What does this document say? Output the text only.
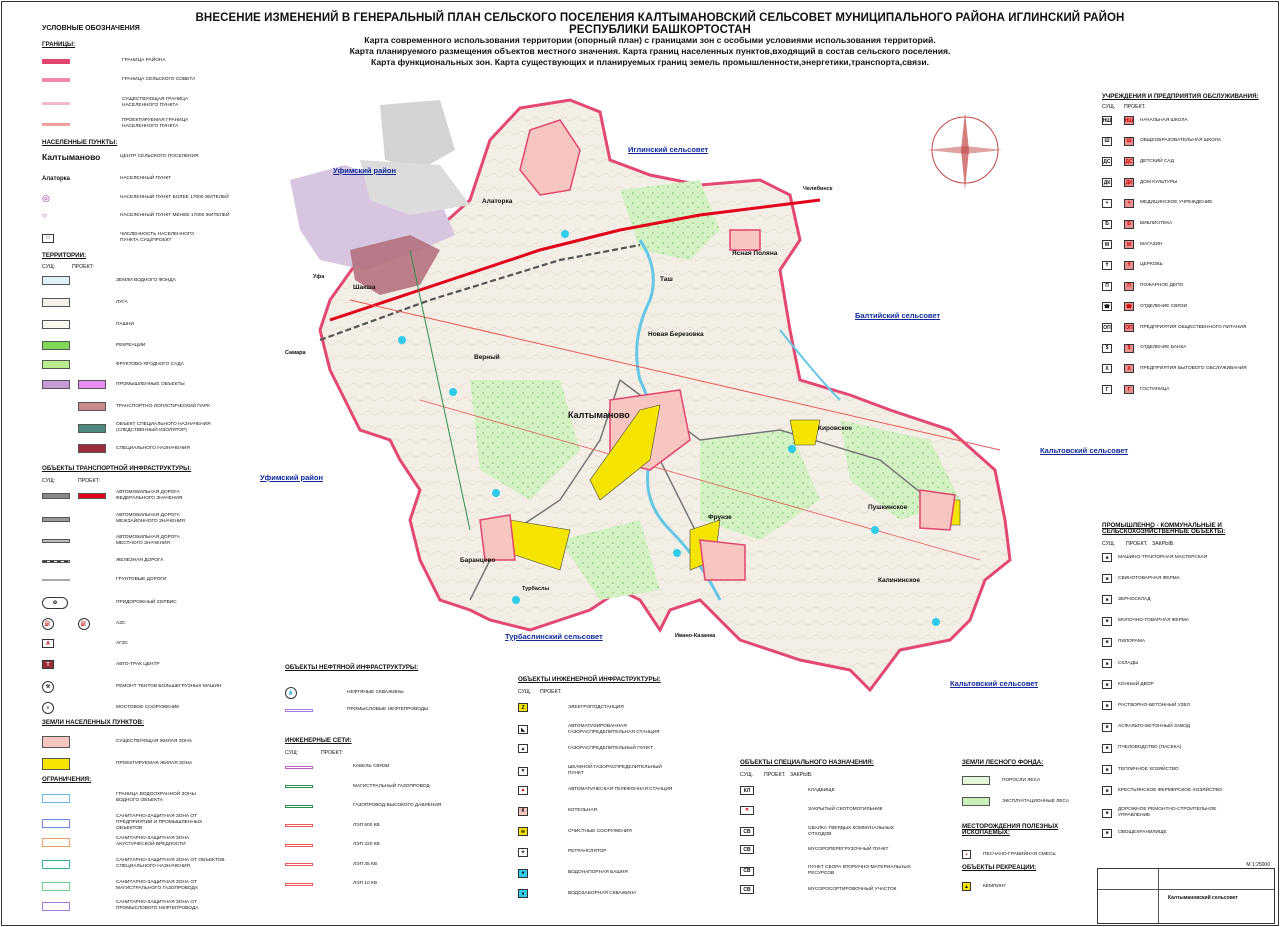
ВНЕСЕНИЕ ИЗМЕНЕНИЙ В ГЕНЕРАЛЬНЫЙ ПЛАН СЕЛЬСКОГО ПОСЕЛЕНИЯ КАЛТЫМАНОВСКИЙ СЕЛЬСОВЕТ МУНИЦИПАЛЬНОГО РАЙОНА ИГЛИНСКИЙ РАЙОН РЕСПУБЛИКИ БАШКОРТОСТАН
Карта современного использования территории (опорный план) с границами зон с особыми условиями использования территорий.
Карта планируемого размещения объектов местного значения. Карта границ населенных пунктов,входящий в состав сельского поселения.
Карта функциональных зон. Карта существующих и планируемых границ земель промышленности,энергетики,транспорта,связи.
Иглинский сельсовет
Уфимский район
Балтийский сельсовет
Кальтовский сельсовет
Уфимский район
Турбаслинский сельсовет
Кальтовский сельсовет
Калтыманово
Алаторка
Ясная Поляна
Шакша
Новая Березовка
Верный
Кировское
Фрунзе
Пушкинское
Баранцево
Калининское
Таш
Челябинск
Уфа
Самара
Турбаслы
Ивано-Казанка
УСЛОВНЫЕ ОБОЗНАЧЕНИЯ
ГРАНИЦЫ:
ГРАНИЦА РАЙОНА
ГРАНИЦА СЕЛЬСКОГО СОВЕТА
СУЩЕСТВУЮЩАЯ ГРАНИЦА НАСЕЛЕННОГО ПУНКТА
ПРОЕКТИРУЕМАЯ ГРАНИЦА НАСЕЛЕННОГО ПУНКТА
НАСЕЛЕННЫЕ ПУНКТЫ:
Калтыманово	ЦЕНТР СЕЛЬСКОГО ПОСЕЛЕНИЯ
Алаторка	НАСЕЛЕННЫЙ ПУНКТ
◎	НАСЕЛЕННЫЙ ПУНКТ БОЛЕЕ 17000 ЖИТЕЛЕЙ
○	НАСЕЛЕННЫЙ ПУНКТ МЕНЕЕ 17000 ЖИТЕЛЕЙ
□
ЧИСЛЕННОСТЬ НАСЕЛЕННОГО ПУНКТА СУЩ/ПРОЕКТ
ТЕРРИТОРИИ:
СУЩ:	ПРОЕКТ:
ЗЕМЛИ ВОДНОГО ФОНДА
ЛУГА
ПАШНИ
РЕКРЕАЦИИ
ФРУКТОВО-ЯГОДНОГО САДА
ПРОМЫШЛЕННЫЕ ОБЪЕКТЫ
ТРАНСПОРТНО-ЛОГИСТИЧЕСКИЙ ПАРК
ОБЪЕКТ СПЕЦИАЛЬНОГО НАЗНАЧЕНИЯ (СЛЕДСТВЕННЫЙ ИЗОЛЯТОР)
СПЕЦИАЛЬНОГО НАЗНАЧЕНИЯ
ОБЪЕКТЫ ТРАНСПОРТНОЙ ИНФРАСТРУКТУРЫ:
СУЩ:	ПРОЕКТ:
АВТОМОБИЛЬНАЯ ДОРОГА ФЕДЕРАЛЬНОГО ЗНАЧЕНИЯ
АВТОМОБИЛЬНАЯ ДОРОГА МЕЖЗАЙОННОГО ЗНАЧЕНИЯ
АВТОМОБИЛЬНАЯ ДОРОГА МЕСТНОГО ЗНАЧЕНИЯ
ЖЕЛЕЗНАЯ ДОРОГА
ГРУНТОВЫЕ ДОРОГИ
⚙	ПРИДОРОЖНЫЙ СЕРВИС
⛽	⛽	АЗС
А	АГЗС
Т	АВТО-ТРАК ЦЕНТР
⚒	РЕМОНТ ТЕНТОВ БОЛЬШЕГРУЗНЫХ МАШИН
≡	МОСТОВОЕ СООРУЖЕНИЕ
ЗЕМЛИ НАСЕЛЕННЫХ ПУНКТОВ:
СУЩЕСТВУЮЩАЯ ЖИЛАЯ ЗОНА
ПРОЕКТИРУЕМАЯ ЖИЛАЯ ЗОНА
ОГРАНИЧЕНИЯ:
ГРАНИЦА ВОДООХРАННОЙ ЗОНЫ ВОДНОГО ОБЪЕКТА
САНИТАРНО-ЗАЩИТНАЯ ЗОНА ОТ ПРЕДПРИЯТИЙ И ПРОМЫШЛЕННЫХ ОБЪЕКТОВ
САНИТАРНО-ЗАЩИТНАЯ ЗОНА АКУСТИЧЕСКОЙ ВРЕДНОСТИ
САНИТАРНО-ЗАЩИТНАЯ ЗОНА ОТ ОБЪЕКТОВ СПЕЦИАЛЬНОГО НАЗНАЧЕНИЯ
САНИТАРНО-ЗАЩИТНАЯ ЗОНА ОТ МАГИСТРАЛЬНОГО ГАЗОПРОВОДА
САНИТАРНО-ЗАЩИТНАЯ ЗОНА ОТ ПРОМЫСЛОВОГО НЕФТЕПРОВОДА
УЧРЕЖДЕНИЯ И ПРЕДПРИЯТИЯ ОБСЛУЖИВАНИЯ:
СУЩ. ПРОЕКТ.
НШ	НШ НАЧАЛЬНАЯ ШКОЛА
Ш	Ш	ОБЩЕОБРАЗОВАТЕЛЬНАЯ ШКОЛА
ДС	ДС ДЕТСКИЙ САД
ДК	ДК	ДОМ КУЛЬТУРЫ
+	+	МЕДИЦИНСКОЕ УЧРЕЖДЕНИЕ
Б	Б	БИБЛИОТЕКА
М	М	МАГАЗИН
☦	☦	ЦЕРКОВЬ
П	П	ПОЖАРНОЕ ДЕПО
☎	☎	ОТДЕЛЕНИЕ СВЯЗИ
ОП	ОП ПРЕДПРИЯТИЯ ОБЩЕСТВЕННОГО ПИТАНИЯ
$	$	ОТДЕЛЕНИЕ БАНКА
Х	Х	ПРЕДПРИЯТИЯ БЫТОВОГО ОБСЛУЖИВАНИЯ
Г	Г	ГОСТИНИЦА
ПРОМЫШЛЕННО - КОММУНАЛЬНЫЕ И СЕЛЬСКОХОЗЯЙСТВЕННЫЕ ОБЪЕКТЫ:
СУЩ. ПРОЕКТ. ЗАКРЫВ.
■	МАШИНО-ТРАКТОРНАЯ МАСТЕРСКАЯ
■	СВИНОТОВАРНАЯ ФЕРМА
■	ЗЕРНОСКЛАД
■	МОЛОЧНО-ТОВАРНАЯ ФЕРМА
■	ПИЛОРАМА
■	СКЛАДЫ
■	КОННЫЙ ДВОР
■	РАСТВОРНО-БЕТОННЫЙ УЗЕЛ
■	АСФАЛЬТО-БЕТОННЫЙ ЗАВОД
■	ПЧЕЛОВОДСТВО (ПАСЕКА)
■	ТЕПЛИЧНОЕ ХОЗЯЙСТВО
■	КРЕСТЬЯНСКОЕ ФЕРМЕРСКОЕ ХОЗЯЙСТВО
■
ДОРОЖНОЕ РЕМОНТНО-СТРОИТЕЛЬНОЕ УПРАВЛЕНИЕ
■	ОВОЩЕХРАНИЛИЩЕ
ОБЪЕКТЫ НЕФТЯНОЙ ИНФРАСТРУКТУРЫ:
💧	НЕФТЯНЫЕ СКВАЖИНЫ
ПРОМЫСЛОВЫЕ НЕФТЕПРОВОДЫ
ИНЖЕНЕРНЫЕ СЕТИ:
СУЩ:	ПРОЕКТ:
КАБЕЛЬ СВЯЗИ
МАГИСТРАЛЬНЫЙ ГАЗОПРОВОД
ГАЗОПРОВОД ВЫСОКОГО ДАВЛЕНИЯ
ЛЭП 500 КВ
ЛЭП 220 КВ
ЛЭП 35 КВ
ЛЭП 10 КВ
ОБЪЕКТЫ ИНЖЕНЕРНОЙ ИНФРАСТРУКТУРЫ:
СУЩ. ПРОЕКТ.
Z	ЭЛЕКТРОПОДСТАНЦИЯ
◣
АВТОМАТИЗИРОВАННАЯ ГАЗОРАСПРЕДЕЛИТЕЛЬНАЯ СТАНЦИЯ
▲	ГАЗОРАСПРЕДЕЛИТЕЛЬНЫЙ ПУНКТ
▼
ШКАФНОЙ ГАЗОРАСПРЕДЕЛИТЕЛЬНЫЙ ПУНКТ
▲	АВТОМАТИЧЕСКАЯ ТЕЛЕФОННАЯ СТАНЦИЯ
К	КОТЕЛЬНАЯ
⊖	ОЧИСТНЫЕ СООРУЖЕНИЯ
⏚	РЕТРАНСЛЯТОР
●	ВОДОНАПОРНАЯ БАШНЯ
●	ВОДОЗАБОРНАЯ СКВАЖИНА
ОБЪЕКТЫ СПЕЦИАЛЬНОГО НАЗНАЧЕНИЯ:
СУЩ. ПРОЕКТ. ЗАКРЫВ.
КЛ	КЛАДБИЩЕ
✕	ЗАКРЫТЫЙ СКОТОМОГИЛЬНИК
СВ
СВАЛКА ТВЕРДЫХ КОММУНАЛЬНЫХ ОТХОДОВ
СВ	МУСОРОПЕРЕГРУЗОЧНЫЙ ПУНКТ
СВ
ПУНКТ СБОРА ВТОРИЧНО-МАТЕРИАЛЬНЫХ РЕСУРСОВ
СВ	МУСОРОСОРТИРОВОЧНЫЙ УЧАСТОК
ЗЕМЛИ ЛЕСНОГО ФОНДА:
ПОРОСЛИ ЛЕСА
ЭКСПЛУАТАЦИОННЫЕ ЛЕСА
МЕСТОРОЖДЕНИЯ ПОЛЕЗНЫХ ИСКОПАЕМЫХ:
•	ПЕСЧАНО-ГРАВИЙНАЯ СМЕСЬ
ОБЪЕКТЫ РЕКРЕАЦИИ:
▲	КЕМПИНГ
М 1:25000
Калтымановский сельсовет
